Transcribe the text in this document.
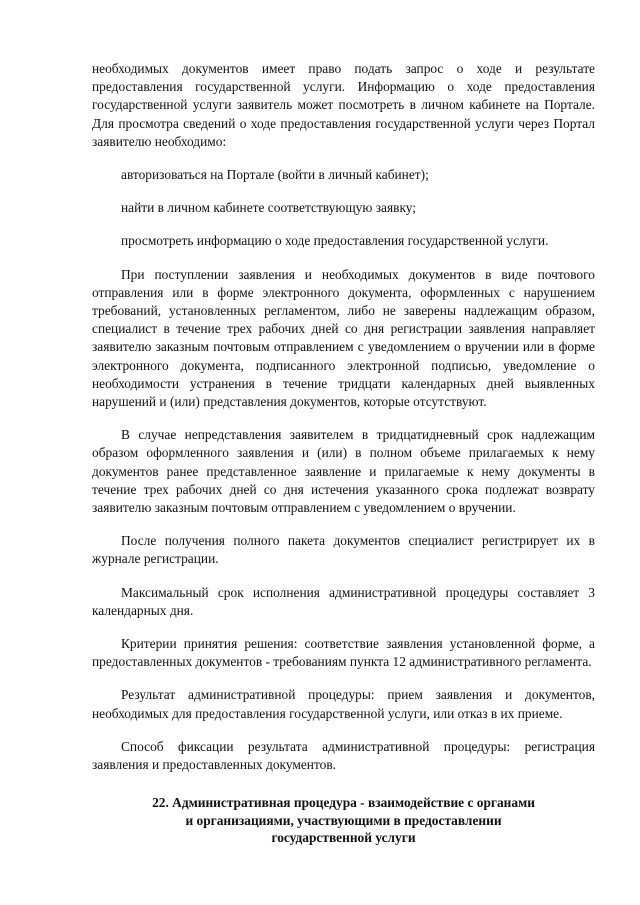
необходимых документов имеет право подать запрос о ходе и результате предоставления государственной услуги. Информацию о ходе предоставления государственной услуги заявитель может посмотреть в личном кабинете на Портале. Для просмотра сведений о ходе предоставления государственной услуги через Портал заявителю необходимо:

авторизоваться на Портале (войти в личный кабинет);

найти в личном кабинете соответствующую заявку;

просмотреть информацию о ходе предоставления государственной услуги.

При поступлении заявления и необходимых документов в виде почтового отправления или в форме электронного документа, оформленных с нарушением требований, установленных регламентом, либо не заверены надлежащим образом, специалист в течение трех рабочих дней со дня регистрации заявления направляет заявителю заказным почтовым отправлением с уведомлением о вручении или в форме электронного документа, подписанного электронной подписью, уведомление о необходимости устранения в течение тридцати календарных дней выявленных нарушений и (или) представления документов, которые отсутствуют.

В случае непредставления заявителем в тридцатидневный срок надлежащим образом оформленного заявления и (или) в полном объеме прилагаемых к нему документов ранее представленное заявление и прилагаемые к нему документы в течение трех рабочих дней со дня истечения указанного срока подлежат возврату заявителю заказным почтовым отправлением с уведомлением о вручении.

После получения полного пакета документов специалист регистрирует их в журнале регистрации.

Максимальный срок исполнения административной процедуры составляет 3 календарных дня.

Критерии принятия решения: соответствие заявления установленной форме, а предоставленных документов - требованиям пункта 12 административного регламента.

Результат административной процедуры: прием заявления и документов, необходимых для предоставления государственной услуги, или отказ в их приеме.

Способ фиксации результата административной процедуры: регистрация заявления и предоставленных документов.

22. Административная процедура - взаимодействие с органами
и организациями, участвующими в предоставлении
государственной услуги
